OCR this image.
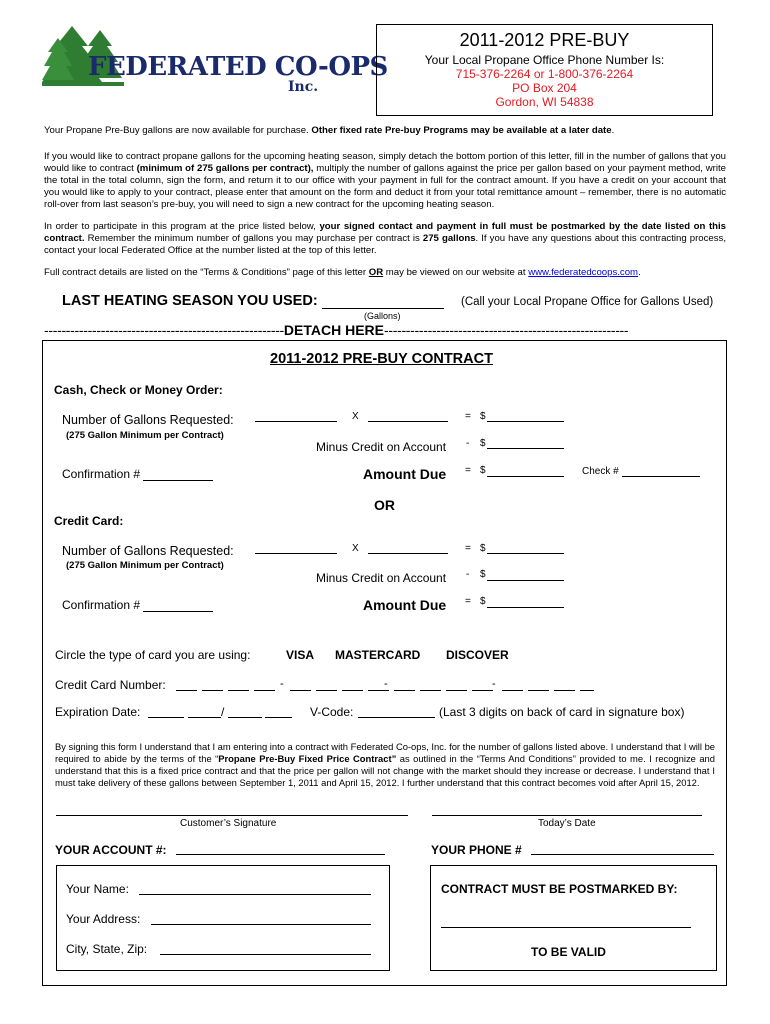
FEDERATED CO-OPS
Inc.
2011-2012 PRE-BUY
Your Local Propane Office Phone Number Is:
715-376-2264 or 1-800-376-2264
PO Box 204
Gordon, WI 54838
Your Propane Pre-Buy gallons are now available for purchase. Other fixed rate Pre-buy Programs may be available at a later date.
If you would like to contract propane gallons for the upcoming heating season, simply detach the bottom portion of this letter, fill in the number of gallons that you would like to contract (minimum of 275 gallons per contract), multiply the number of gallons against the price per gallon based on your payment method, write the total in the total column, sign the form, and return it to our office with your payment in full for the contract amount. If you have a credit on your account that you would like to apply to your contract, please enter that amount on the form and deduct it from your total remittance amount – remember, there is no automatic roll-over from last season’s pre-buy, you will need to sign a new contract for the upcoming heating season.
In order to participate in this program at the price listed below, your signed contact and payment in full must be postmarked by the date listed on this contract. Remember the minimum number of gallons you may purchase per contract is 275 gallons. If you have any questions about this contracting process, contact your local Federated Office at the number listed at the top of this letter.
Full contract details are listed on the “Terms & Conditions” page of this letter OR may be viewed on our website at www.federatedcoops.com.
LAST HEATING SEASON YOU USED:	(Call your Local Propane Office for Gallons Used)
(Gallons)
-------------------------------------------------------DETACH HERE--------------------------------------------------------
2011-2012 PRE-BUY CONTRACT
Cash, Check or Money Order:
Number of Gallons Requested:
(275 Gallon Minimum per Contract)
X	= $
Minus Credit on Account - $
Confirmation #	Amount Due = $	Check #
OR
Credit Card:
Number of Gallons Requested:
(275 Gallon Minimum per Contract)
X	= $
Minus Credit on Account - $
Confirmation #	Amount Due = $
Circle the type of card you are using:	VISA MASTERCARD DISCOVER
Credit Card Number:	-	-	-
Expiration Date:	/	V-Code:	(Last 3 digits on back of card in signature box)
By signing this form I understand that I am entering into a contract with Federated Co-ops, Inc. for the number of gallons listed above. I understand that I will be required to abide by the terms of the “Propane Pre-Buy Fixed Price Contract” as outlined in the “Terms And Conditions” provided to me. I recognize and understand that this is a fixed price contract and that the price per gallon will not change with the market should they increase or decrease. I understand that I must take delivery of these gallons between September 1, 2011 and April 15, 2012. I further understand that this contract becomes void after April 15, 2012.
Customer’s Signature	Today’s Date
YOUR ACCOUNT #:	YOUR PHONE #
Your Name:
Your Address:
City, State, Zip:
CONTRACT MUST BE POSTMARKED BY:
TO BE VALID
